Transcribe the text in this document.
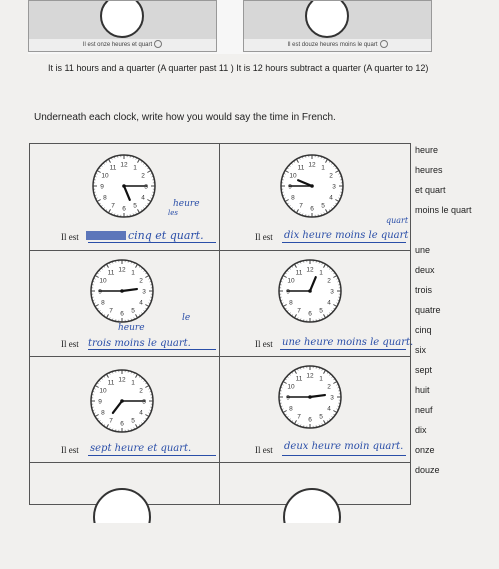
Il est onze heures et quart	Il est douze heures moins le quart
It is 11 hours and a quarter (A quarter past 11 ) It is 12 hours subtract a quarter (A quarter to 12)
Underneath each clock, write how you would say the time in French.
12 1
2
3
4
5
6
7
8
9
10
11
Il est	cinq et quart.
heure
les
12 1
2
3
4
5
6
7
8
9
10
11
Il est dix heure moins le quart
quart
12 1
2
3
4
5
6
7
8
9
10
11
Il est trois moins le quart.
heure
le
12 1
2
3
4
5
6
7
8
9
10
11
Il est une heure moins le quart.
12 1
2
3
4
5
6
7
8
9
10
11
Il est sept heure et quart.
12 1
2
3
4
5
6
7
8
9
10
11
Il est deux heure moin quart.
heure
heures
et quart
moins le quart
une
deux
trois
quatre
cinq
six
sept
huit
neuf
dix
onze
douze
